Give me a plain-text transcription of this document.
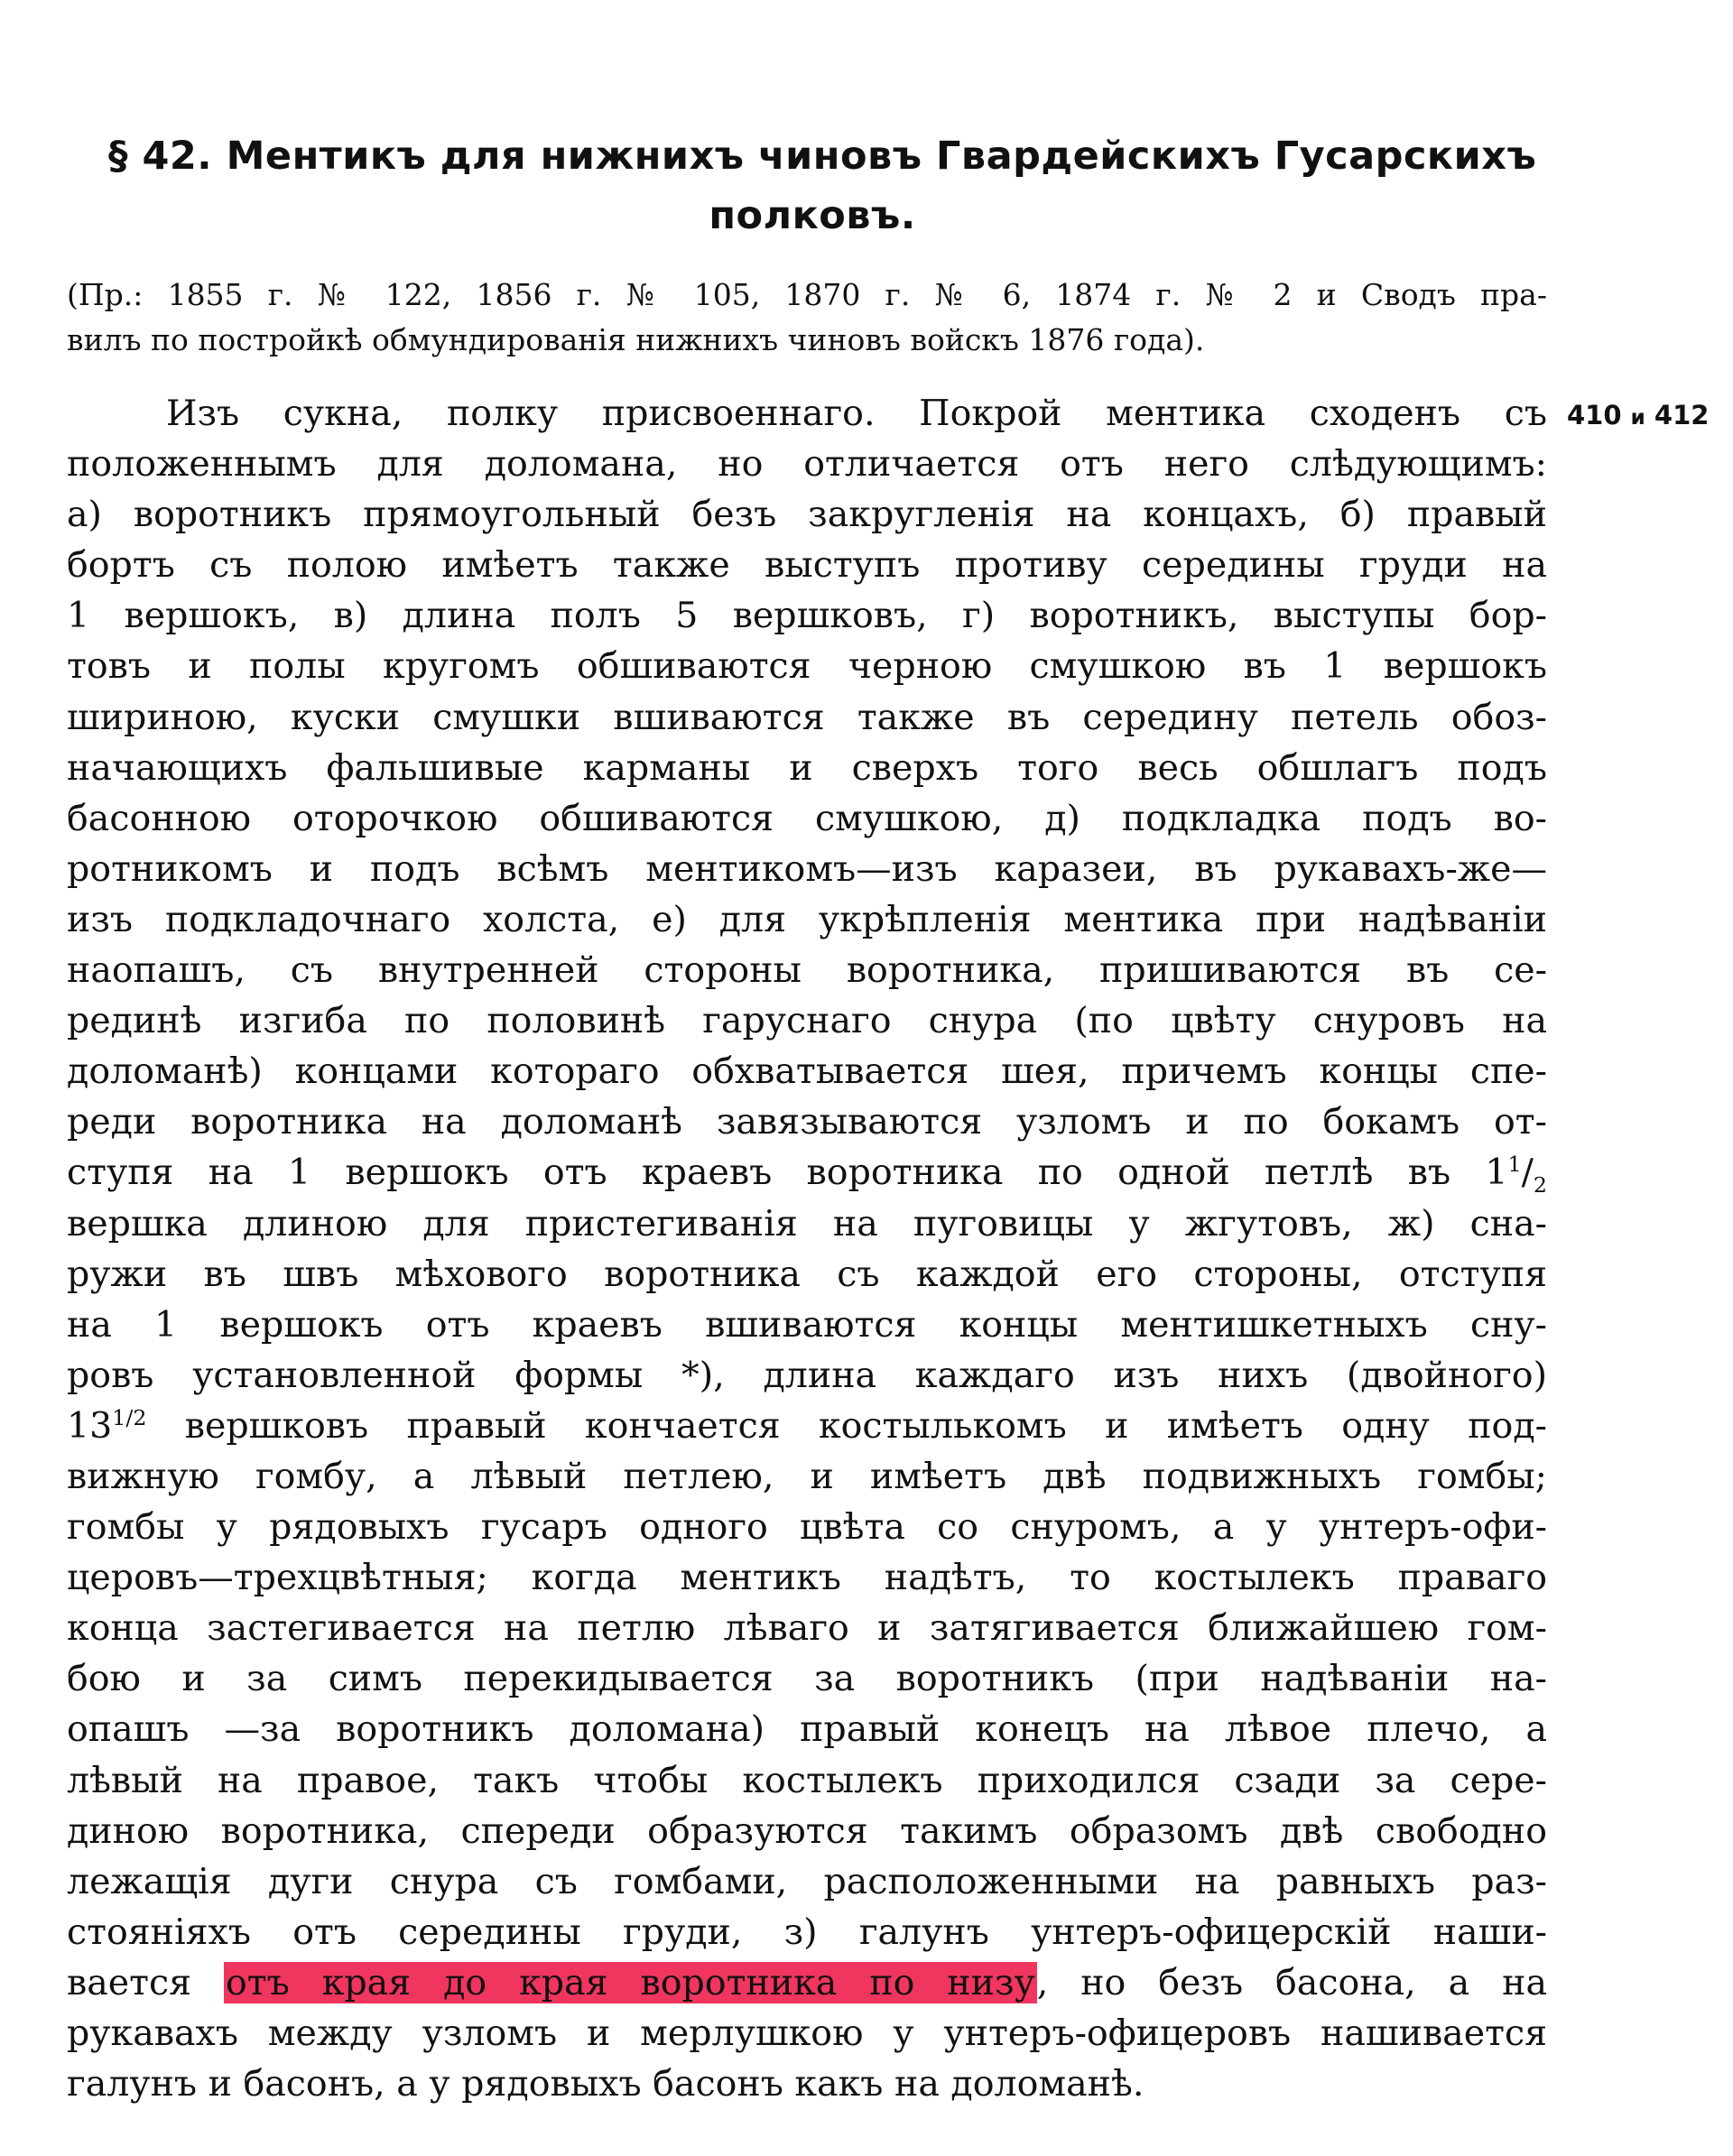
§ 42. Ментикъ для нижнихъ чиновъ Гвардейскихъ Гусарскихъ
полковъ.
(Пр.: 1855 г. № 122, 1856 г. № 105, 1870 г. № 6, 1874 г. № 2 и Сводъ пра-
вилъ по постройкѣ обмундированія нижнихъ чиновъ войскъ 1876 года).
410 и 412
Изъ сукна, полку присвоеннаго. Покрой ментика сходенъ съ
положеннымъ для доломана, но отличается отъ него слѣдующимъ:
а) воротникъ прямоугольный безъ закругленія на концахъ, б) правый
бортъ съ полою имѣетъ также выступъ противу середины груди на
1 вершокъ, в) длина полъ 5 вершковъ, г) воротникъ, выступы бор-
товъ и полы кругомъ обшиваются черною смушкою въ 1 вершокъ
шириною, куски смушки вшиваются также въ середину петель обоз-
начающихъ фальшивые карманы и сверхъ того весь обшлагъ подъ
басонною оторочкою обшиваются смушкою, д) подкладка подъ во-
ротникомъ и подъ всѣмъ ментикомъ—изъ каразеи, въ рукавахъ-же—
изъ подкладочнаго холста, е) для укрѣпленія ментика при надѣваніи
наопашъ, съ внутренней стороны воротника, пришиваются въ се-
рединѣ изгиба по половинѣ гаруснаго снура (по цвѣту снуровъ на
доломанѣ) концами котораго обхватывается шея, причемъ концы спе-
реди воротника на доломанѣ завязываются узломъ и по бокамъ от-
ступя на 1 вершокъ отъ краевъ воротника по одной петлѣ въ $1^1/_2$
вершка длиною для пристегиванія на пуговицы у жгутовъ, ж) сна-
ружи въ швъ мѣхового воротника съ каждой его стороны, отступя
на 1 вершокъ отъ краевъ вшиваются концы ментишкетныхъ сну-
ровъ установленной формы *), длина каждаго изъ нихъ (двойного)
$13^{1/2}$ вершковъ правый кончается костылькомъ и имѣетъ одну под-
вижную гомбу, а лѣвый петлею, и имѣетъ двѣ подвижныхъ гомбы;
гомбы у рядовыхъ гусаръ одного цвѣта со снуромъ, а у унтеръ-офи-
церовъ—трехцвѣтныя; когда ментикъ надѣтъ, то костылекъ праваго
конца застегивается на петлю лѣваго и затягивается ближайшею гом-
бою и за симъ перекидывается за воротникъ (при надѣваніи на-
опашъ —за воротникъ доломана) правый конецъ на лѣвое плечо, а
лѣвый на правое, такъ чтобы костылекъ приходился сзади за сере-
диною воротника, спереди образуются такимъ образомъ двѣ свободно
лежащія дуги снура съ гомбами, расположенными на равныхъ раз-
стояніяхъ отъ середины груди, з) галунъ унтеръ-офицерскій наши-
вается отъ края до края воротника по низу, но безъ басона, а на
рукавахъ между узломъ и мерлушкою у унтеръ-офицеровъ нашивается
галунъ и басонъ, а у рядовыхъ басонъ какъ на доломанѣ.
